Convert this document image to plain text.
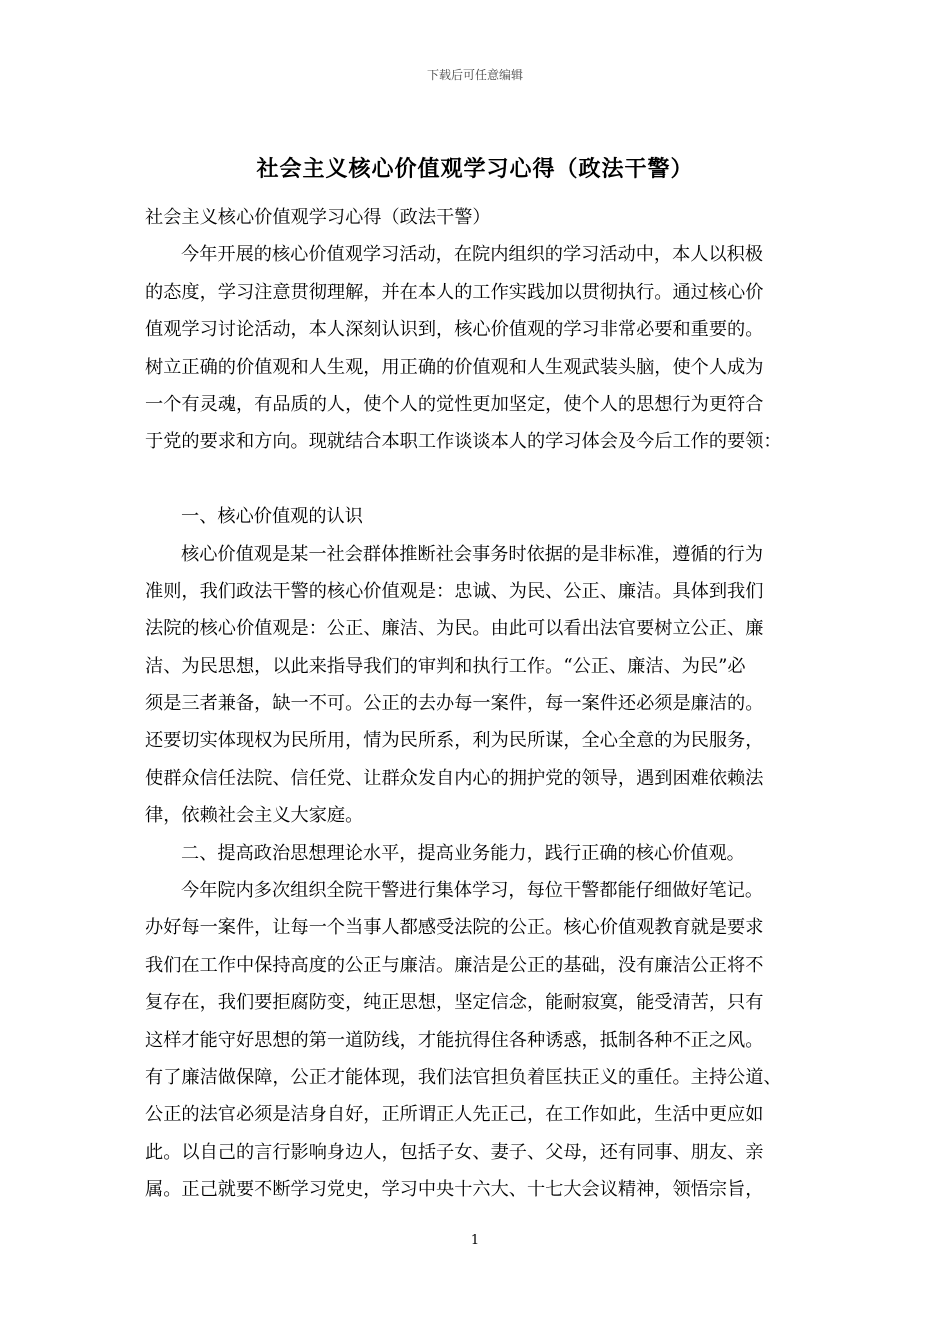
下载后可任意编辑
社会主义核心价值观学习心得（政法干警）
社会主义核心价值观学习心得（政法干警）
今年开展的核心价值观学习活动，在院内组织的学习活动中，本人以积极
的态度，学习注意贯彻理解，并在本人的工作实践加以贯彻执行。通过核心价
值观学习讨论活动，本人深刻认识到，核心价值观的学习非常必要和重要的。
树立正确的价值观和人生观，用正确的价值观和人生观武装头脑，使个人成为
一个有灵魂，有品质的人，使个人的觉性更加坚定，使个人的思想行为更符合
于党的要求和方向。现就结合本职工作谈谈本人的学习体会及今后工作的要领：
一、核心价值观的认识
核心价值观是某一社会群体推断社会事务时依据的是非标准，遵循的行为
准则，我们政法干警的核心价值观是：忠诚、为民、公正、廉洁。具体到我们
法院的核心价值观是：公正、廉洁、为民。由此可以看出法官要树立公正、廉
洁、为民思想，以此来指导我们的审判和执行工作。“公正、廉洁、为民”必
须是三者兼备，缺一不可。公正的去办每一案件，每一案件还必须是廉洁的。
还要切实体现权为民所用，情为民所系，利为民所谋，全心全意的为民服务，
使群众信任法院、信任党、让群众发自内心的拥护党的领导，遇到困难依赖法
律，依赖社会主义大家庭。
二、提高政治思想理论水平，提高业务能力，践行正确的核心价值观。
今年院内多次组织全院干警进行集体学习，每位干警都能仔细做好笔记。
办好每一案件，让每一个当事人都感受法院的公正。核心价值观教育就是要求
我们在工作中保持高度的公正与廉洁。廉洁是公正的基础，没有廉洁公正将不
复存在，我们要拒腐防变，纯正思想，坚定信念，能耐寂寞，能受清苦，只有
这样才能守好思想的第一道防线，才能抗得住各种诱惑，抵制各种不正之风。
有了廉洁做保障，公正才能体现，我们法官担负着匡扶正义的重任。主持公道、
公正的法官必须是洁身自好，正所谓正人先正己，在工作如此，生活中更应如
此。以自己的言行影响身边人，包括子女、妻子、父母，还有同事、朋友、亲
属。正己就要不断学习党史，学习中央十六大、十七大会议精神，领悟宗旨，
1
